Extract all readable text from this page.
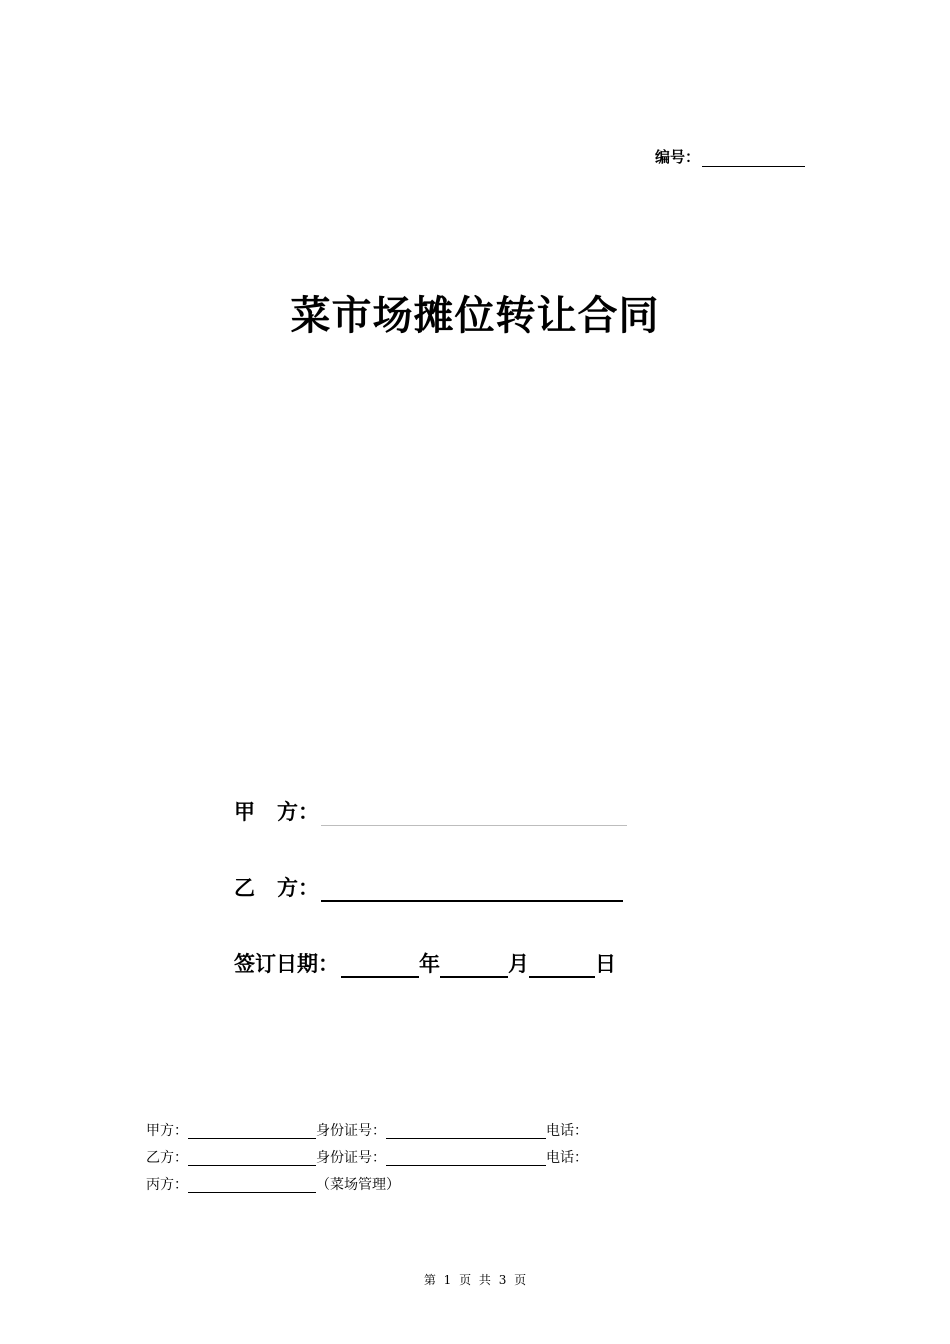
编号：
菜市场摊位转让合同
甲 方：
乙 方：
签订日期：	年	月	日
甲方：	身份证号：	电话：
乙方：	身份证号：	电话：
丙方：	（菜场管理）
第 1 页 共 3 页
